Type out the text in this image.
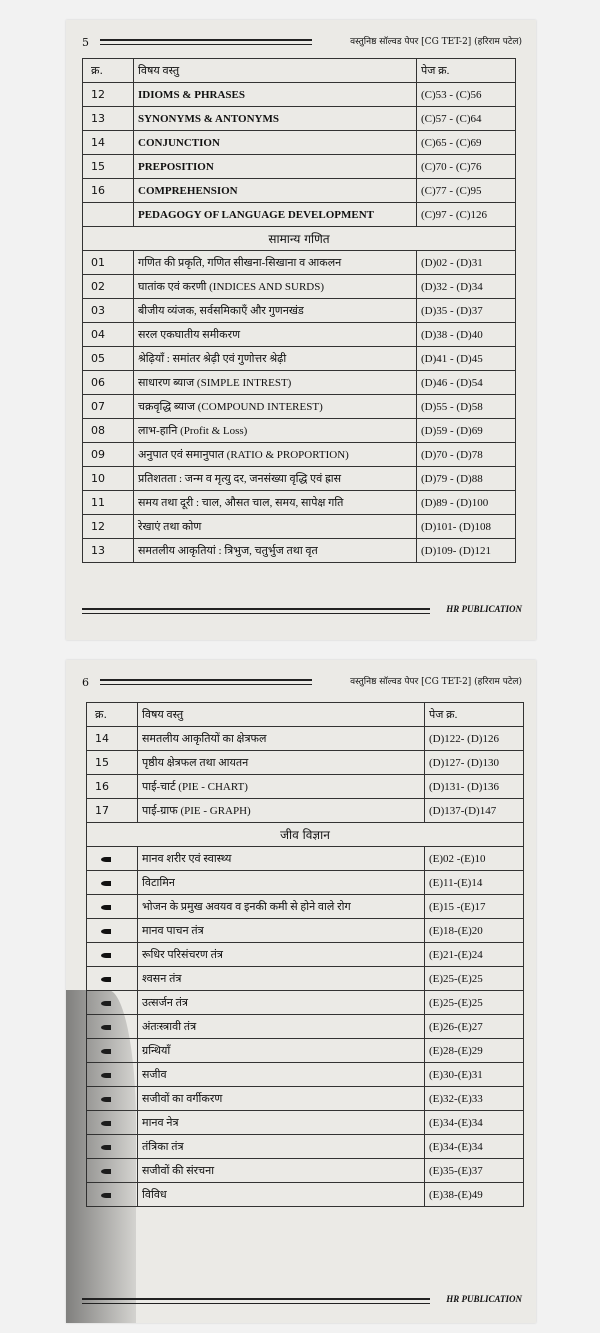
5	वस्तुनिष्ठ सॉल्वड पेपर [CG TET-2] (हरिराम पटेल)
क्र.	विषय वस्तु	पेज क्र.
12	IDIOMS & PHRASES	(C)53 - (C)56
13	SYNONYMS & ANTONYMS	(C)57 - (C)64
14	CONJUNCTION	(C)65 - (C)69
15	PREPOSITION	(C)70 - (C)76
16	COMPREHENSION	(C)77 - (C)95
	PEDAGOGY OF LANGUAGE DEVELOPMENT	(C)97 - (C)126
सामान्य गणित		
01	गणित की प्रकृति, गणित सीखना-सिखाना व आकलन	(D)02 - (D)31
02	घातांक एवं करणी (INDICES AND SURDS)	(D)32 - (D)34
03	बीजीय व्यंजक, सर्वसमिकाएँ और गुणनखंड	(D)35 - (D)37
04	सरल एकघातीय समीकरण	(D)38 - (D)40
05	श्रेढ़ियाँ : समांतर श्रेढ़ी एवं गुणोत्तर श्रेढ़ी	(D)41 - (D)45
06	साधारण ब्याज (SIMPLE INTREST)	(D)46 - (D)54
07	चक्रवृद्धि ब्याज (COMPOUND INTEREST)	(D)55 - (D)58
08	लाभ-हानि (Profit & Loss)	(D)59 - (D)69
09	अनुपात एवं समानुपात (RATIO & PROPORTION)	(D)70 - (D)78
10	प्रतिशतता : जन्म व मृत्यु दर, जनसंख्या वृद्धि एवं ह्रास	(D)79 - (D)88
11	समय तथा दूरी : चाल, औसत चाल, समय, सापेक्ष गति	(D)89 - (D)100
12	रेखाएं तथा कोण	(D)101- (D)108
13	समतलीय आकृतियां : त्रिभुज, चतुर्भुज तथा वृत	(D)109- (D)121
HR PUBLICATION
6	वस्तुनिष्ठ सॉल्वड पेपर [CG TET-2] (हरिराम पटेल)
क्र.	विषय वस्तु	पेज क्र.
14	समतलीय आकृतियों का क्षेत्रफल	(D)122- (D)126
15	पृष्ठीय क्षेत्रफल तथा आयतन	(D)127- (D)130
16	पाई-चार्ट (PIE - CHART)	(D)131- (D)136
17	पाई-ग्राफ (PIE - GRAPH)	(D)137-(D)147
जीव विज्ञान		
	मानव शरीर एवं स्वास्थ्य	(E)02 -(E)10
	विटामिन	(E)11-(E)14
	भोजन के प्रमुख अवयव व इनकी कमी से होने वाले रोग	(E)15 -(E)17
	मानव पाचन तंत्र	(E)18-(E)20
	रूधिर परिसंचरण तंत्र	(E)21-(E)24
	श्वसन तंत्र	(E)25-(E)25
	उत्सर्जन तंत्र	(E)25-(E)25
	अंतःस्त्रावी तंत्र	(E)26-(E)27
	ग्रन्थियाँ	(E)28-(E)29
	सजीव	(E)30-(E)31
	सजीवों का वर्गीकरण	(E)32-(E)33
	मानव नेत्र	(E)34-(E)34
	तंत्रिका तंत्र	(E)34-(E)34
	सजीवों की संरचना	(E)35-(E)37
	विविध	(E)38-(E)49
HR PUBLICATION
